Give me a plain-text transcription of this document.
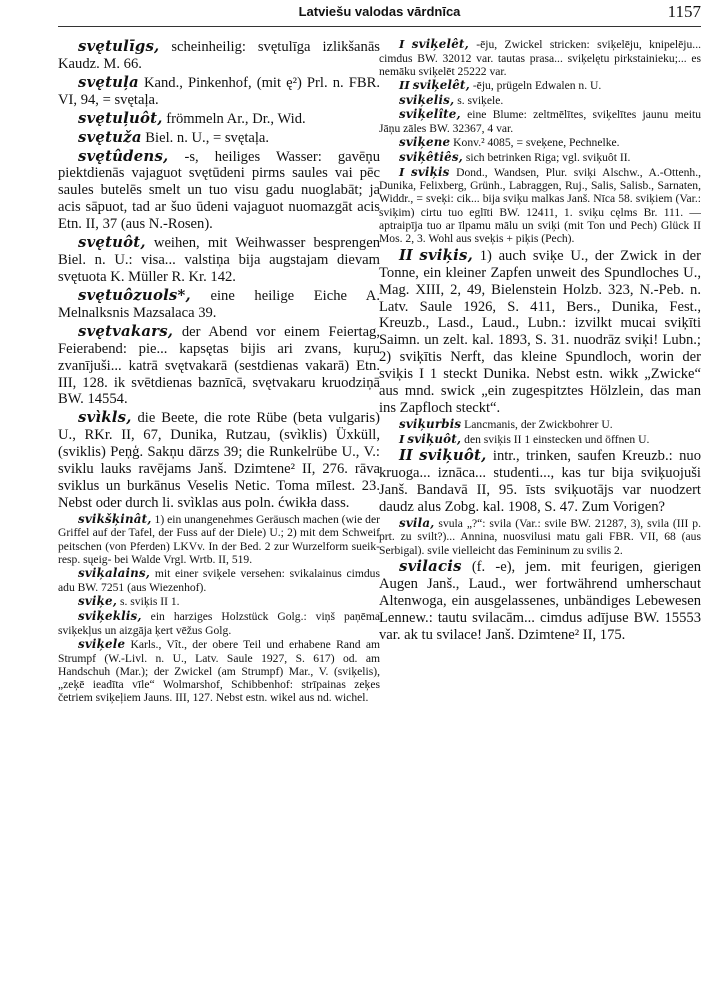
Latviešu valodas vārdnīca	1157

svętulīgs, scheinheilig: svętulīga izlikšanās Kaudz. M. 66.

svętuļa Kand., Pinkenhof, (mit ę²) Prl. n. FBR. VI, 94, = svętaļa.

svętuļuôt, frömmeln Ar., Dr., Wid.

svętuža Biel. n. U., = svętaļa.

svętûdens, -s, heiliges Wasser: gavēņu piektdienās vajaguot svętūdeni pirms saules vai pēc saules butelēs smelt un tuo visu gadu nuoglabāt; ja acis sāpuot, tad ar šuo ūdeni vajaguot nuomazgāt acis Etn. II, 37 (aus N.-Rosen).

svętuôt, weihen, mit Weihwasser besprengen Biel. n. U.: visa... valstiņa bija augstajam dievam svętuota K. Müller R. Kr. 142.

svętuôzuols*, eine heilige Eiche A. Melnalksnis Mazsalaca 39.

svętvakars, der Abend vor einem Feiertag, Feierabend: pie... kapsętas bijis ari zvans, kuŗu zvanījuši... katrā svętvakarā (sestdienas vakarā) Etn. III, 128. ik svētdienas baznīcā, svętvakaru kruodziņā BW. 14554.

svìkls, die Beete, die rote Rübe (beta vulgaris) U., RKr. II, 67, Dunika, Rutzau, (svìklis) Üxküll, (sviklis) Peņģ. Sakņu dārzs 39; die Runkelrübe U., V.: sviklu lauks ravējams Janš. Dzimtene² II, 276. rāva sviklus un burkānus Veselis Netic. Toma mīlest. 23. Nebst oder durch li. svìklas aus poln. ćwikła dass.

svikšķinât, 1) ein unangenehmes Geräusch machen (wie der Griffel auf der Tafel, der Fuss auf der Diele) U.; 2) mit dem Schweif peitschen (von Pferden) LKVv. In der Bed. 2 zur Wurzelform sueik- resp. sųeig- bei Walde Vrgl. Wrtb. II, 519.

sviķalains, mit einer sviķele versehen: svikalainus cimdus adu BW. 7251 (aus Wiezenhof).

sviķe, s. sviķis II 1.

sviķeklis, ein harziges Holzstück Golg.: viņš paņēma sviķekļus un aizgāja ķert vēžus Golg.

sviķele Karls., Vît., der obere Teil und erhabene Rand am Strumpf (W.-Livl. n. U., Latv. Saule 1927, S. 617) od. am Handschuh (Mar.); der Zwickel (am Strumpf) Mar., V. (sviķelis), „zeķē ieadīta vīle“ Wolmarshof, Schibbenhof: strīpainas zeķes četriem sviķeļiem Jauns. III, 127. Nebst estn. wikel aus nd. wichel.

I sviķelêt, -ēju, Zwickel stricken: sviķelēju, knipelēju... cimdus BW. 32012 var. tautas prasa... sviķelętu pirkstainieku;... es nemāku sviķelēt 25222 var.

II sviķelêt, -ēju, prügeln Edwalen n. U.

sviķelis, s. sviķele.

sviķelîte, eine Blume: zeltmēlītes, sviķelītes jaunu meitu Jāņu zāles BW. 32367, 4 var.

sviķene Konv.² 4085, = sveķene, Pechnelke.

sviķêtiês, sich betrinken Riga; vgl. sviķuôt II.

I sviķis Dond., Wandsen, Plur. sviķi Alschw., A.-Ottenh., Dunika, Felixberg, Grünh., Labraggen, Ruj., Salis, Salisb., Sarnaten, Widdr., = sveķi: cik... bija sviķu malkas Janš. Nīca 58. sviķiem (Var.: sviķim) cirtu tuo eglīti BW. 12411, 1. sviķu cęlms Br. 111. — aptraipīja tuo ar īlpamu mālu un sviķi (mit Ton und Pech) Glück II Mos. 2, 3. Wohl aus sveķis + piķis (Pech).

II sviķis, 1) auch sviķe U., der Zwick in der Tonne, ein kleiner Zapfen unweit des Spundloches U., Mag. XIII, 2, 49, Bielenstein Holzb. 323, N.-Peb. n. Latv. Saule 1926, S. 411, Bers., Dunika, Fest., Kreuzb., Lasd., Laud., Lubn.: izvilkt mucai sviķīti Saimn. un zelt. kal. 1893, S. 31. nuodrāz sviķi! Lubn.; 2) sviķītis Nerft, das kleine Spundloch, worin der sviķis I 1 steckt Dunika. Nebst estn. wikk „Zwicke“ aus mnd. swick „ein zugespitztes Hölzlein, das man ins Zapfloch steckt“.

sviķurbis Lancmanis, der Zwickbohrer U.

I sviķuôt, den sviķis II 1 einstecken und öffnen U.

II sviķuôt, intr., trinken, saufen Kreuzb.: nuo kruoga... iznāca... studenti..., kas tur bija sviķuojuši Janš. Bandavā II, 95. īsts sviķuotājs var nuodzert daudz alus Zobg. kal. 1908, S. 47. Zum Vorigen?

svila, svula „?“: svila (Var.: svile BW. 21287, 3), svila (III p. prt. zu svilt?)... Annina, nuosvilusi matu gali FBR. VII, 68 (aus Serbigal). svile vielleicht das Femininum zu svilis 2.

svilacis (f. -e), jem. mit feurigen, gierigen Augen Janš., Laud., wer fortwährend umherschaut Altenwoga, ein ausgelassenes, unbändiges Lebewesen Lennew.: tautu svilacām... cimdus adījuse BW. 15553 var. ak tu svilace! Janš. Dzimtene² II, 175.
